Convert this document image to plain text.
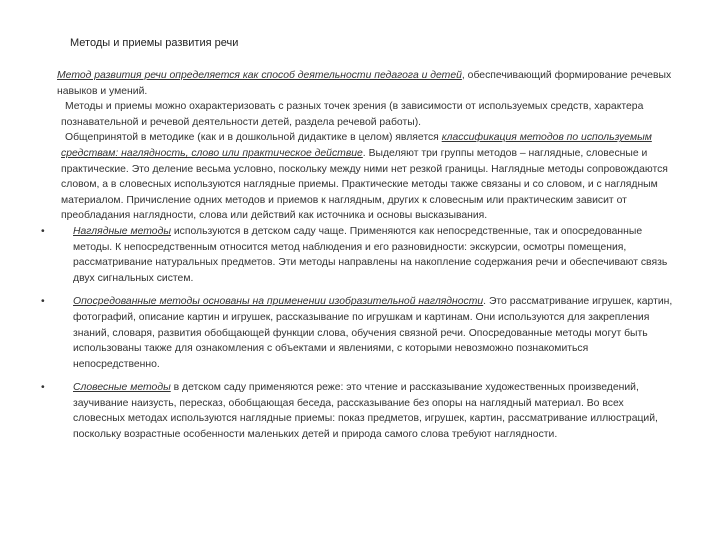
Методы и приемы развития речи

Метод развития речи определяется как способ деятельности педагога и детей, обеспечивающий формирование речевых навыков и умений.

Методы и приемы можно охарактеризовать с разных точек зрения (в зависимости от используемых средств, характера познавательной и речевой деятельности детей, раздела речевой работы).

Общепринятой в методике (как и в дошкольной дидактике в целом) является классификация методов по используемым средствам: наглядность, слово или практическое действие. Выделяют три группы методов – наглядные, словесные и практические. Это деление весьма условно, поскольку между ними нет резкой границы. Наглядные методы сопровождаются словом, а в словесных используются наглядные приемы. Практические методы также связаны и со словом, и с наглядным материалом. Причисление одних методов и приемов к наглядным, других к словесным или практическим зависит от преобладания наглядности, слова или действий как источника и основы высказывания.

•	Наглядные методы используются в детском саду чаще. Применяются как непосредственные, так и опосредованные методы. К непосредственным относится метод наблюдения и его разновидности: экскурсии, осмотры помещения, рассматривание натуральных предметов. Эти методы направлены на накопление содержания речи и обеспечивают связь двух сигнальных систем.

•	Опосредованные методы основаны на применении изобразительной наглядности. Это рассматривание игрушек, картин, фотографий, описание картин и игрушек, рассказывание по игрушкам и картинам. Они используются для закрепления знаний, словаря, развития обобщающей функции слова, обучения связной речи. Опосредованные методы могут быть использованы также для ознакомления с объектами и явлениями, с которыми невозможно познакомиться непосредственно.

•	Словесные методы в детском саду применяются реже: это чтение и рассказывание художественных произведений, заучивание наизусть, пересказ, обобщающая беседа, рассказывание без опоры на наглядный материал. Во всех словесных методах используются наглядные приемы: показ предметов, игрушек, картин, рассматривание иллюстраций, поскольку возрастные особенности маленьких детей и природа самого слова требуют наглядности.
